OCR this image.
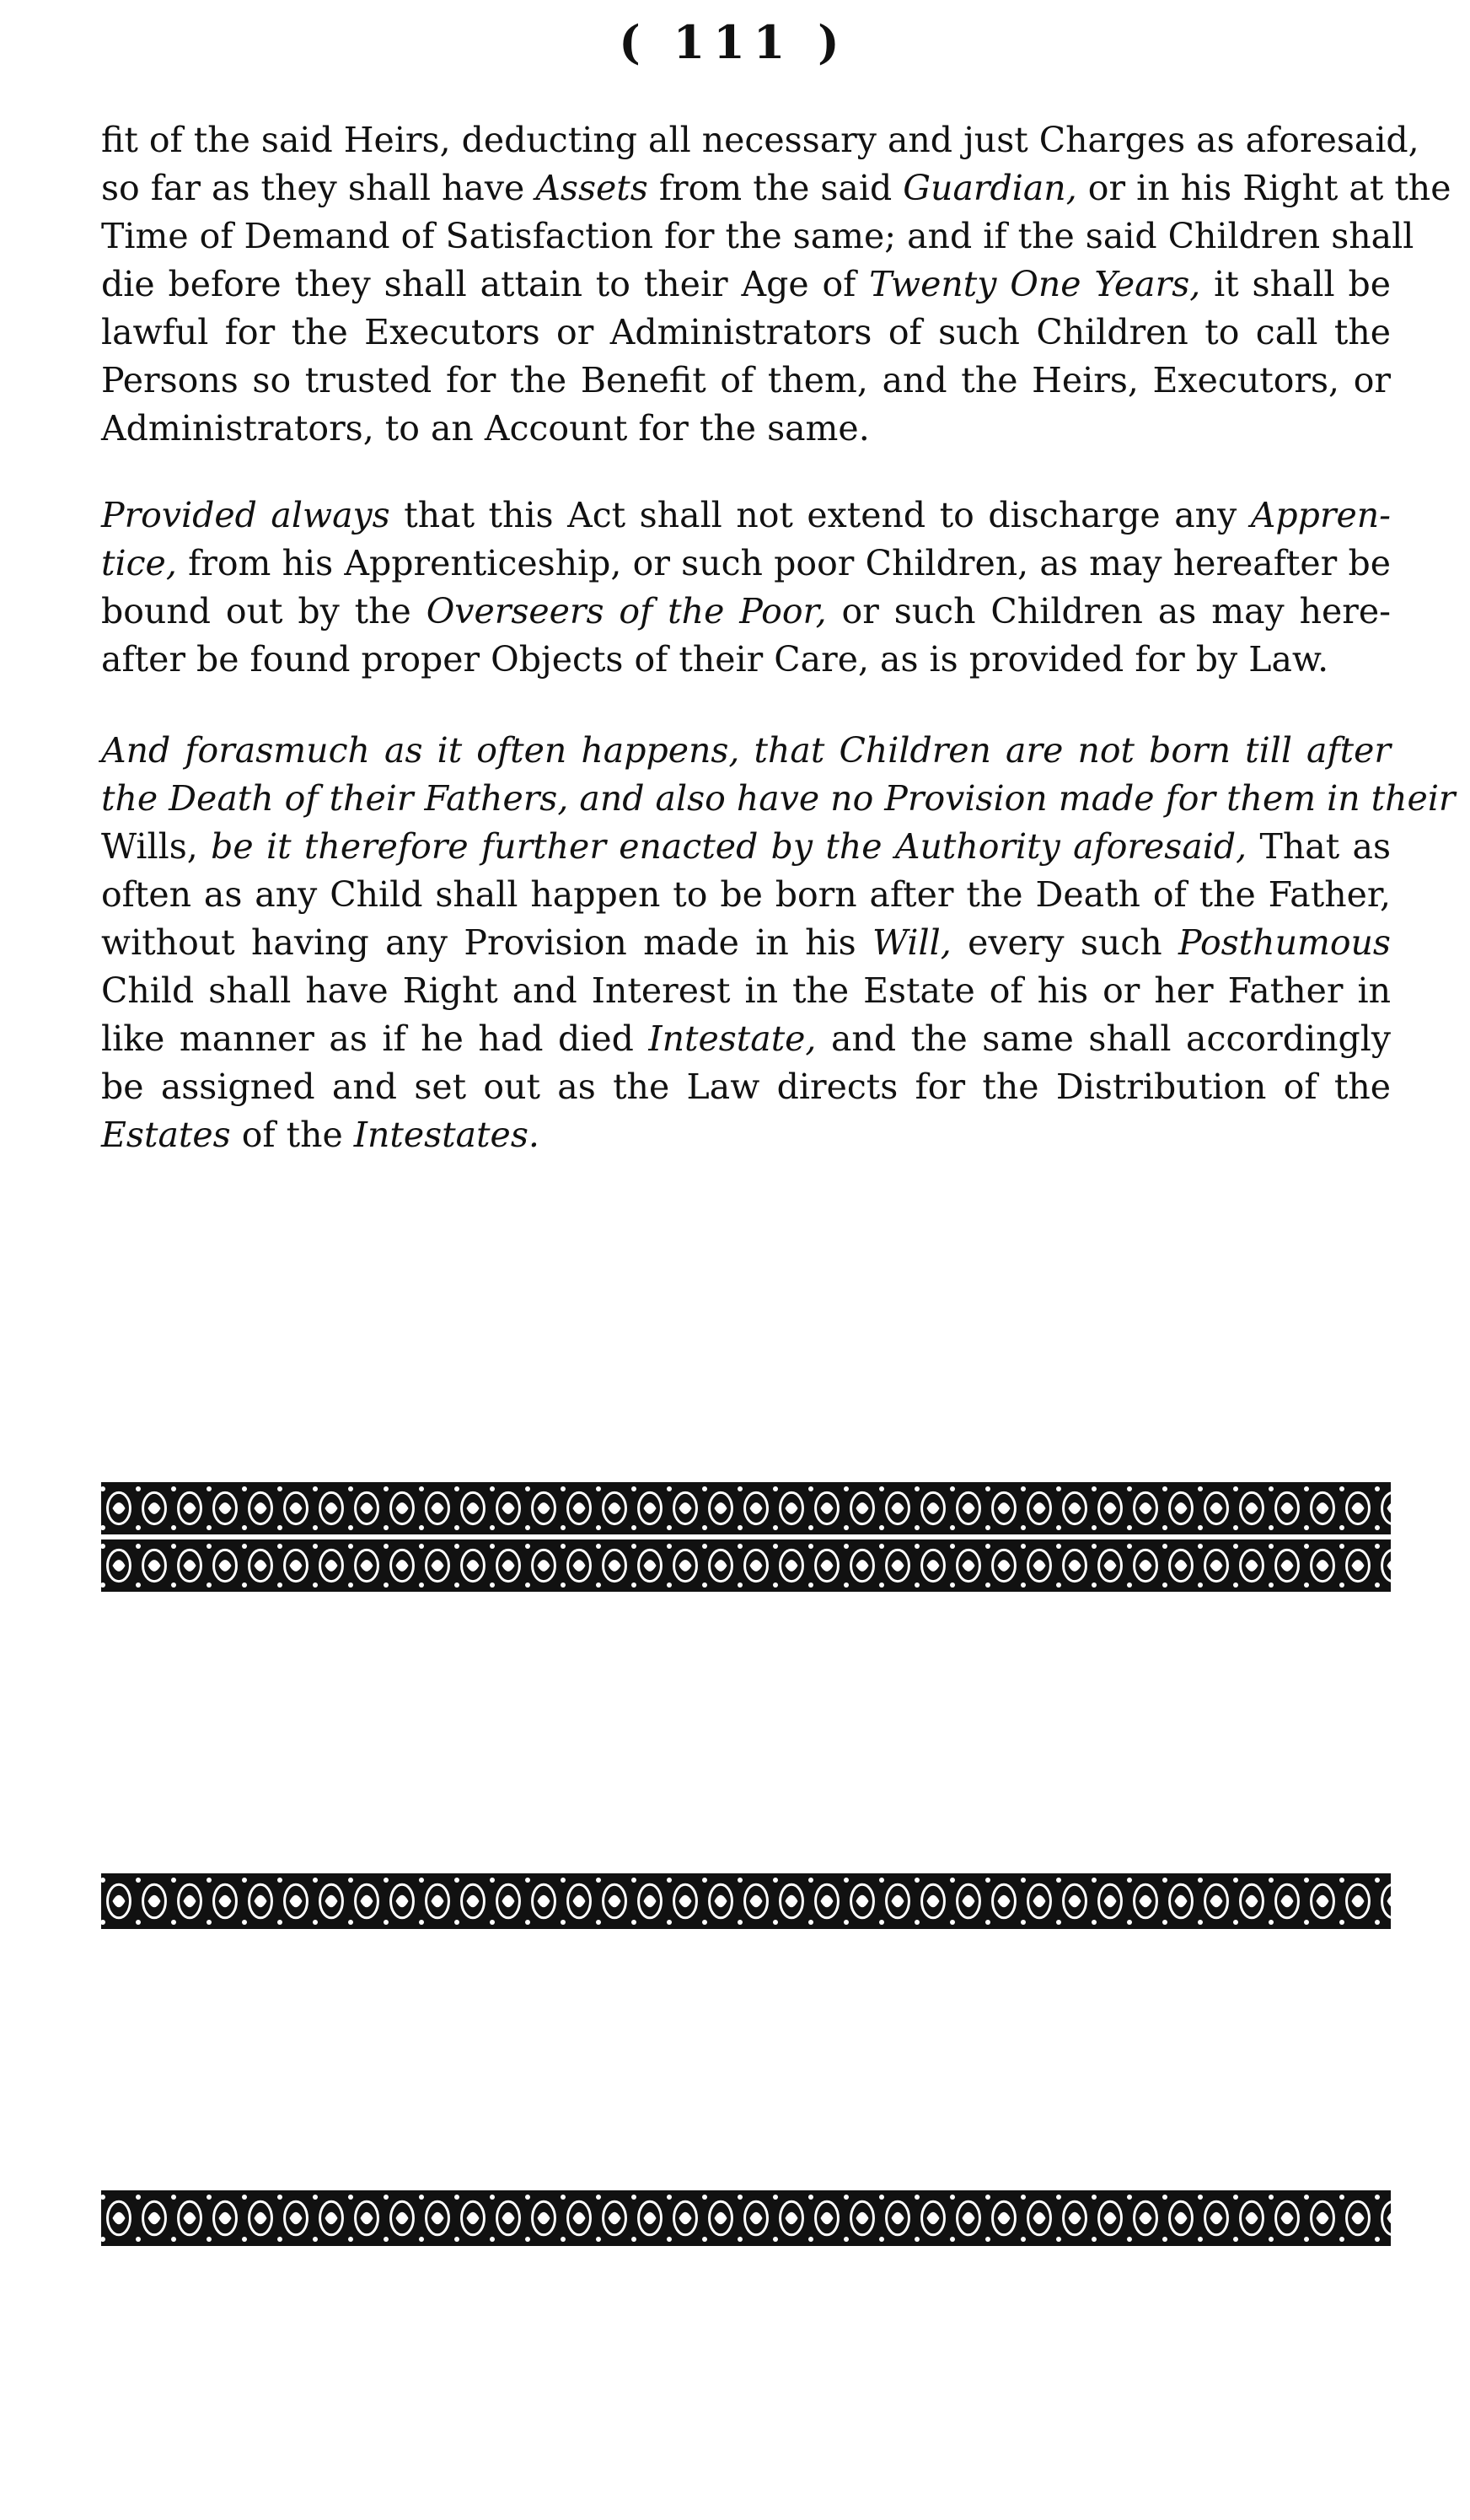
( 111 )
fit of the said Heirs, deducting all necessary and just Charges as aforesaid,
so far as they shall have Assets from the said Guardian, or in his Right at the
Time of Demand of Satisfaction for the same; and if the said Children shall
die before they shall attain to their Age of Twenty One Years, it shall be
lawful for the Executors or Administrators of such Children to call the
Persons so trusted for the Benefit of them, and the Heirs, Executors, or
Administrators, to an Account for the same.
Provided always that this Act shall not extend to discharge any Appren-
tice, from his Apprenticeship, or such poor Children, as may hereafter be
bound out by the Overseers of the Poor, or such Children as may here-
after be found proper Objects of their Care, as is provided for by Law.
And forasmuch as it often happens, that Children are not born till after
the Death of their Fathers, and also have no Provision made for them in their
Wills, be it therefore further enacted by the Authority aforesaid, That as
often as any Child shall happen to be born after the Death of the Father,
without having any Provision made in his Will, every such Posthumous
Child shall have Right and Interest in the Estate of his or her Father in
like manner as if he had died Intestate, and the same shall accordingly
be assigned and set out as the Law directs for the Distribution of the
Estates of the Intestates.
